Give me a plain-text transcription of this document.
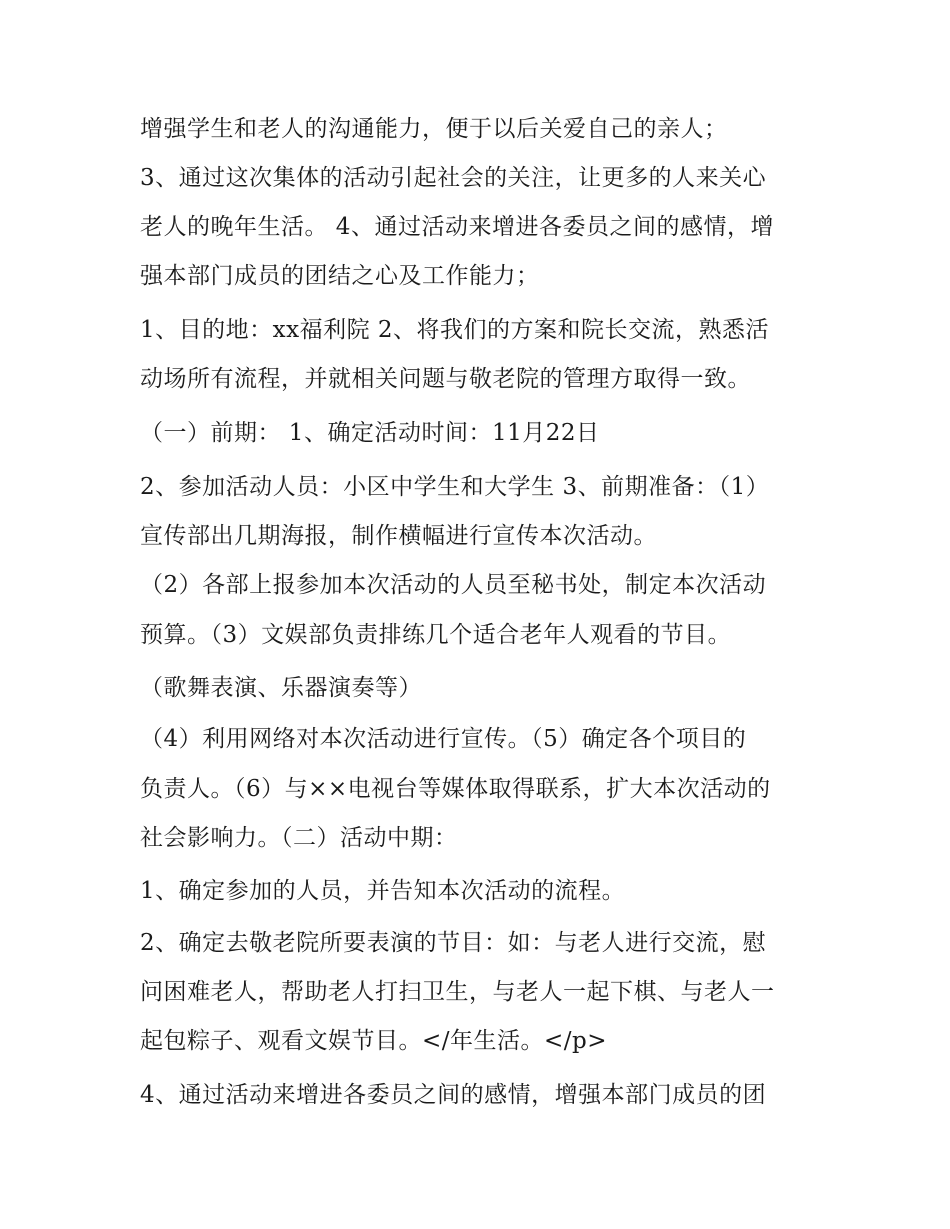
增强学生和老人的沟通能力，便于以后关爱自己的亲人；
3、通过这次集体的活动引起社会的关注，让更多的人来关心
老人的晚年生活。 4、通过活动来增进各委员之间的感情，增
强本部门成员的团结之心及工作能力；
1、目的地：xx福利院 2、将我们的方案和院长交流，熟悉活
动场所有流程，并就相关问题与敬老院的管理方取得一致。
（一）前期： 1、确定活动时间：11月22日
2、参加活动人员：小区中学生和大学生 3、前期准备：（1）
宣传部出几期海报，制作横幅进行宣传本次活动。
（2）各部上报参加本次活动的人员至秘书处，制定本次活动
预算。（3）文娱部负责排练几个适合老年人观看的节目。
（歌舞表演、乐器演奏等）
（4）利用网络对本次活动进行宣传。（5）确定各个项目的
负责人。（6）与××电视台等媒体取得联系，扩大本次活动的
社会影响力。（二）活动中期：
1、确定参加的人员，并告知本次活动的流程。
2、确定去敬老院所要表演的节目：如：与老人进行交流，慰
问困难老人，帮助老人打扫卫生，与老人一起下棋、与老人一
起包粽子、观看文娱节目。</年生活。</p>
4、通过活动来增进各委员之间的感情，增强本部门成员的团
